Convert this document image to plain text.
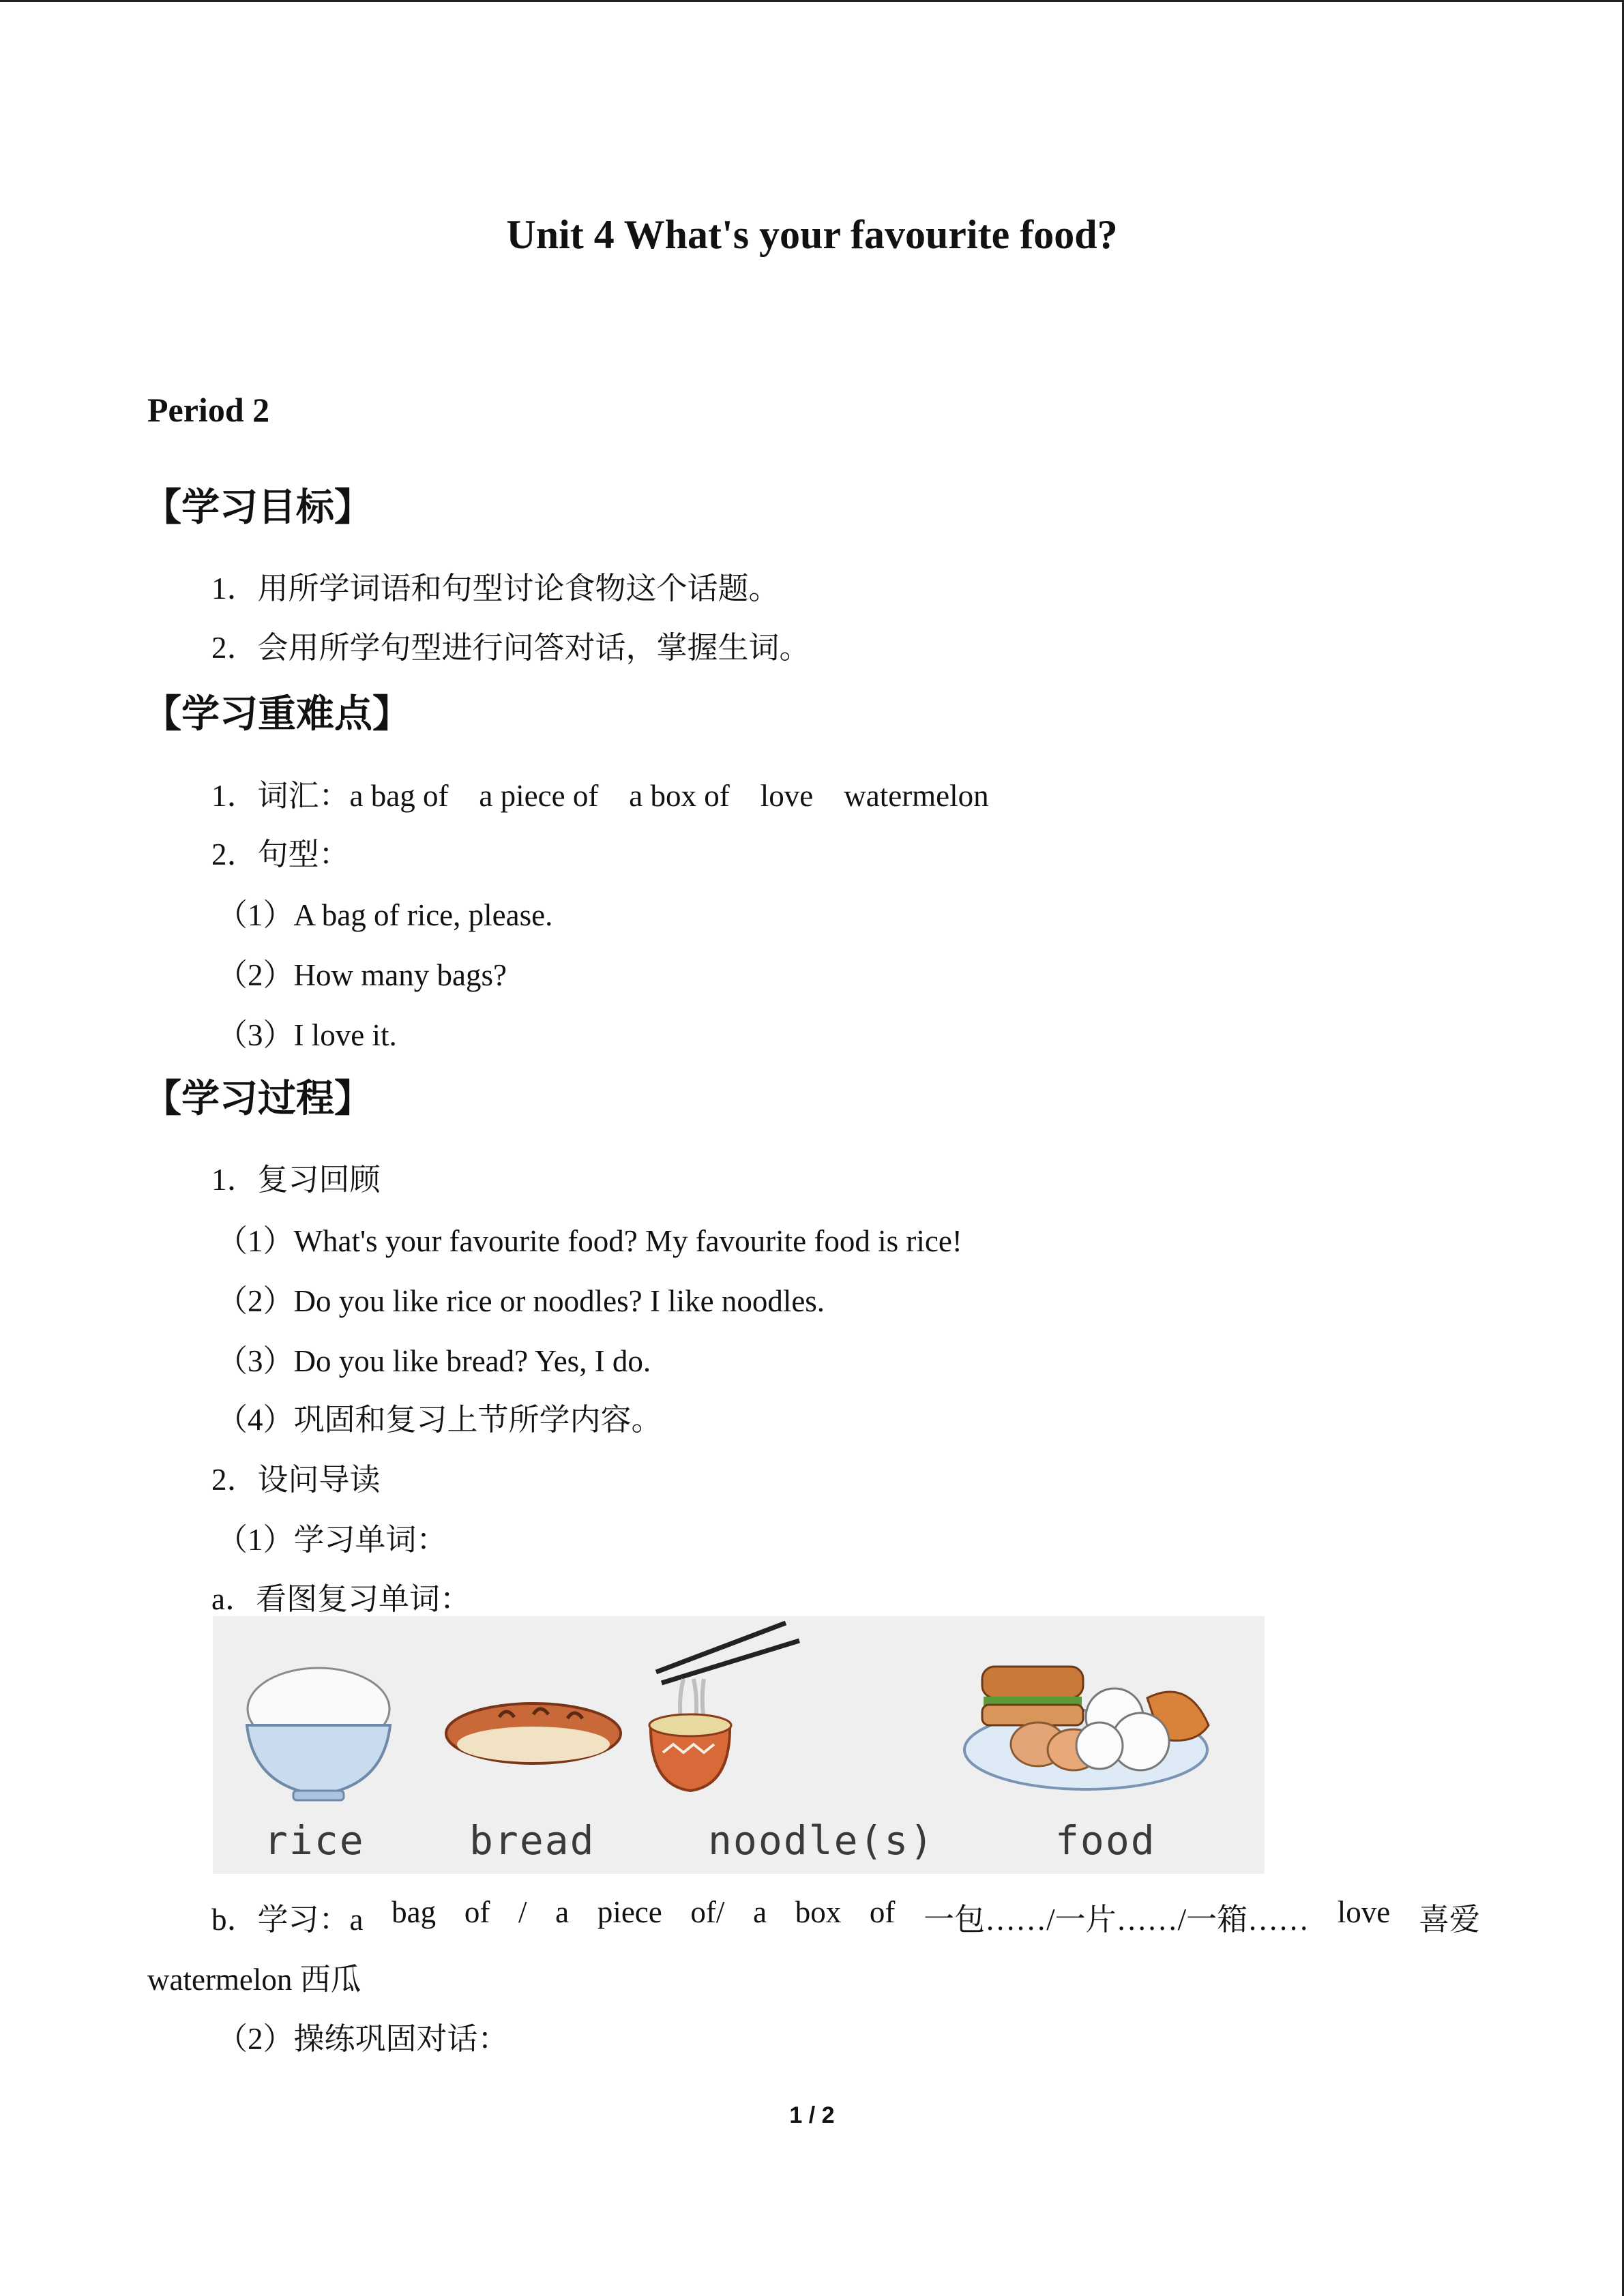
Unit 4 What's your favourite food?
Period 2
【学习目标】
1．用所学词语和句型讨论食物这个话题。
2．会用所学句型进行问答对话，掌握生词。
【学习重难点】
1．词汇：a bag of　a piece of　a box of　love　watermelon
2．句型：
（1）A bag of rice, please.
（2）How many bags?
（3）I love it.
【学习过程】
1．复习回顾
（1）What's your favourite food? My favourite food is rice!
（2）Do you like rice or noodles? I like noodles.
（3）Do you like bread? Yes, I do.
（4）巩固和复习上节所学内容。
2．设问导读
（1）学习单词：
a．看图复习单词：
rice	bread	noodle(s)	food
b．学习：a bag of / a piece of/ a box of 一包……/一片……/一箱…… love 喜爱
watermelon 西瓜
（2）操练巩固对话：
1 / 2
